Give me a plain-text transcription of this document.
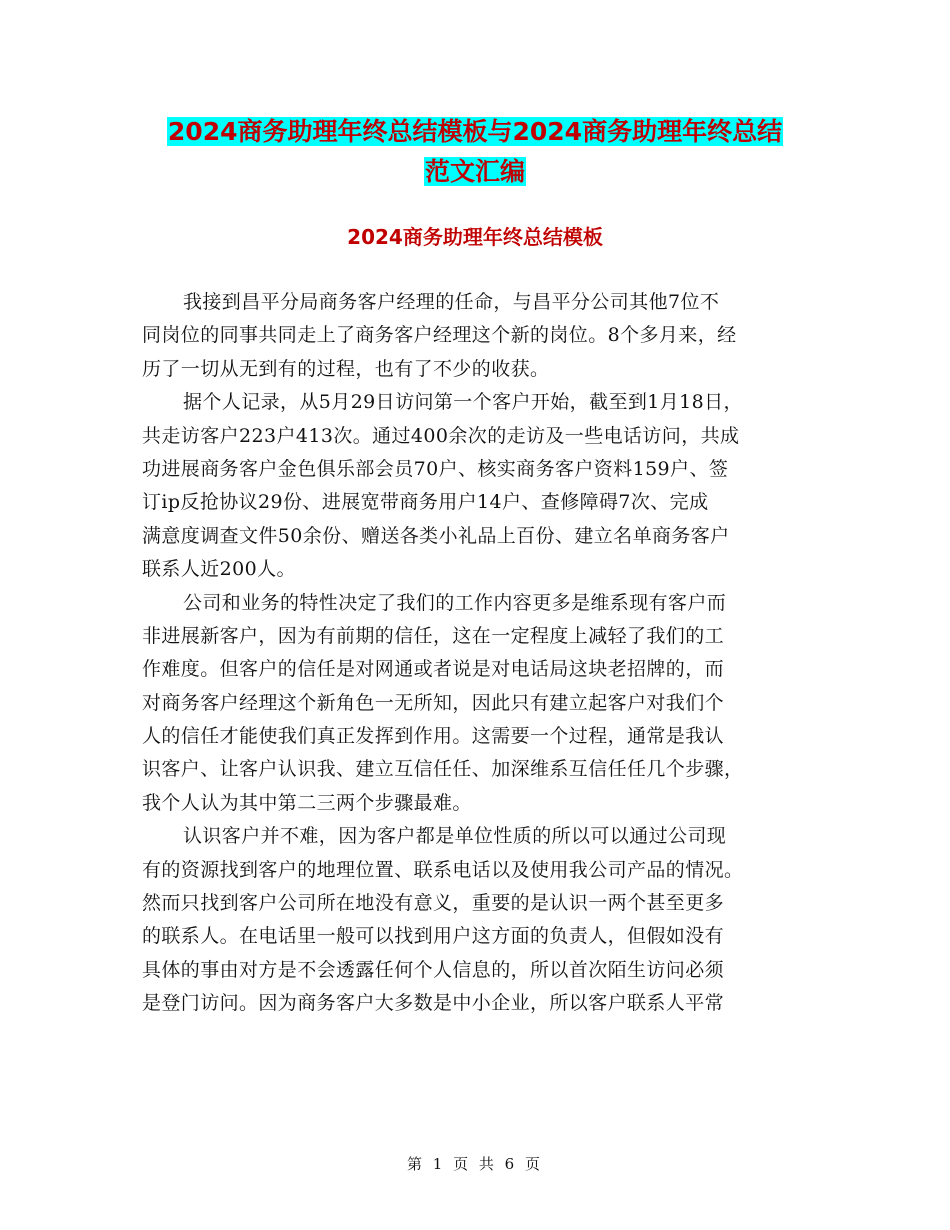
2024商务助理年终总结模板与2024商务助理年终总结
范文汇编
2024商务助理年终总结模板
我接到昌平分局商务客户经理的任命，与昌平分公司其他7位不
同岗位的同事共同走上了商务客户经理这个新的岗位。8个多月来，经
历了一切从无到有的过程，也有了不少的收获。
据个人记录，从5月29日访问第一个客户开始，截至到1月18日，
共走访客户223户413次。通过400余次的走访及一些电话访问，共成
功进展商务客户金色俱乐部会员70户、核实商务客户资料159户、签
订ip反抢协议29份、进展宽带商务用户14户、查修障碍7次、完成
满意度调查文件50余份、赠送各类小礼品上百份、建立名单商务客户
联系人近200人。
公司和业务的特性决定了我们的工作内容更多是维系现有客户而
非进展新客户，因为有前期的信任，这在一定程度上减轻了我们的工
作难度。但客户的信任是对网通或者说是对电话局这块老招牌的，而
对商务客户经理这个新角色一无所知，因此只有建立起客户对我们个
人的信任才能使我们真正发挥到作用。这需要一个过程，通常是我认
识客户、让客户认识我、建立互信任任、加深维系互信任任几个步骤，
我个人认为其中第二三两个步骤最难。
认识客户并不难，因为客户都是单位性质的所以可以通过公司现
有的资源找到客户的地理位置、联系电话以及使用我公司产品的情况。
然而只找到客户公司所在地没有意义，重要的是认识一两个甚至更多
的联系人。在电话里一般可以找到用户这方面的负责人，但假如没有
具体的事由对方是不会透露任何个人信息的，所以首次陌生访问必须
是登门访问。因为商务客户大多数是中小企业，所以客户联系人平常
第 1 页 共 6 页
